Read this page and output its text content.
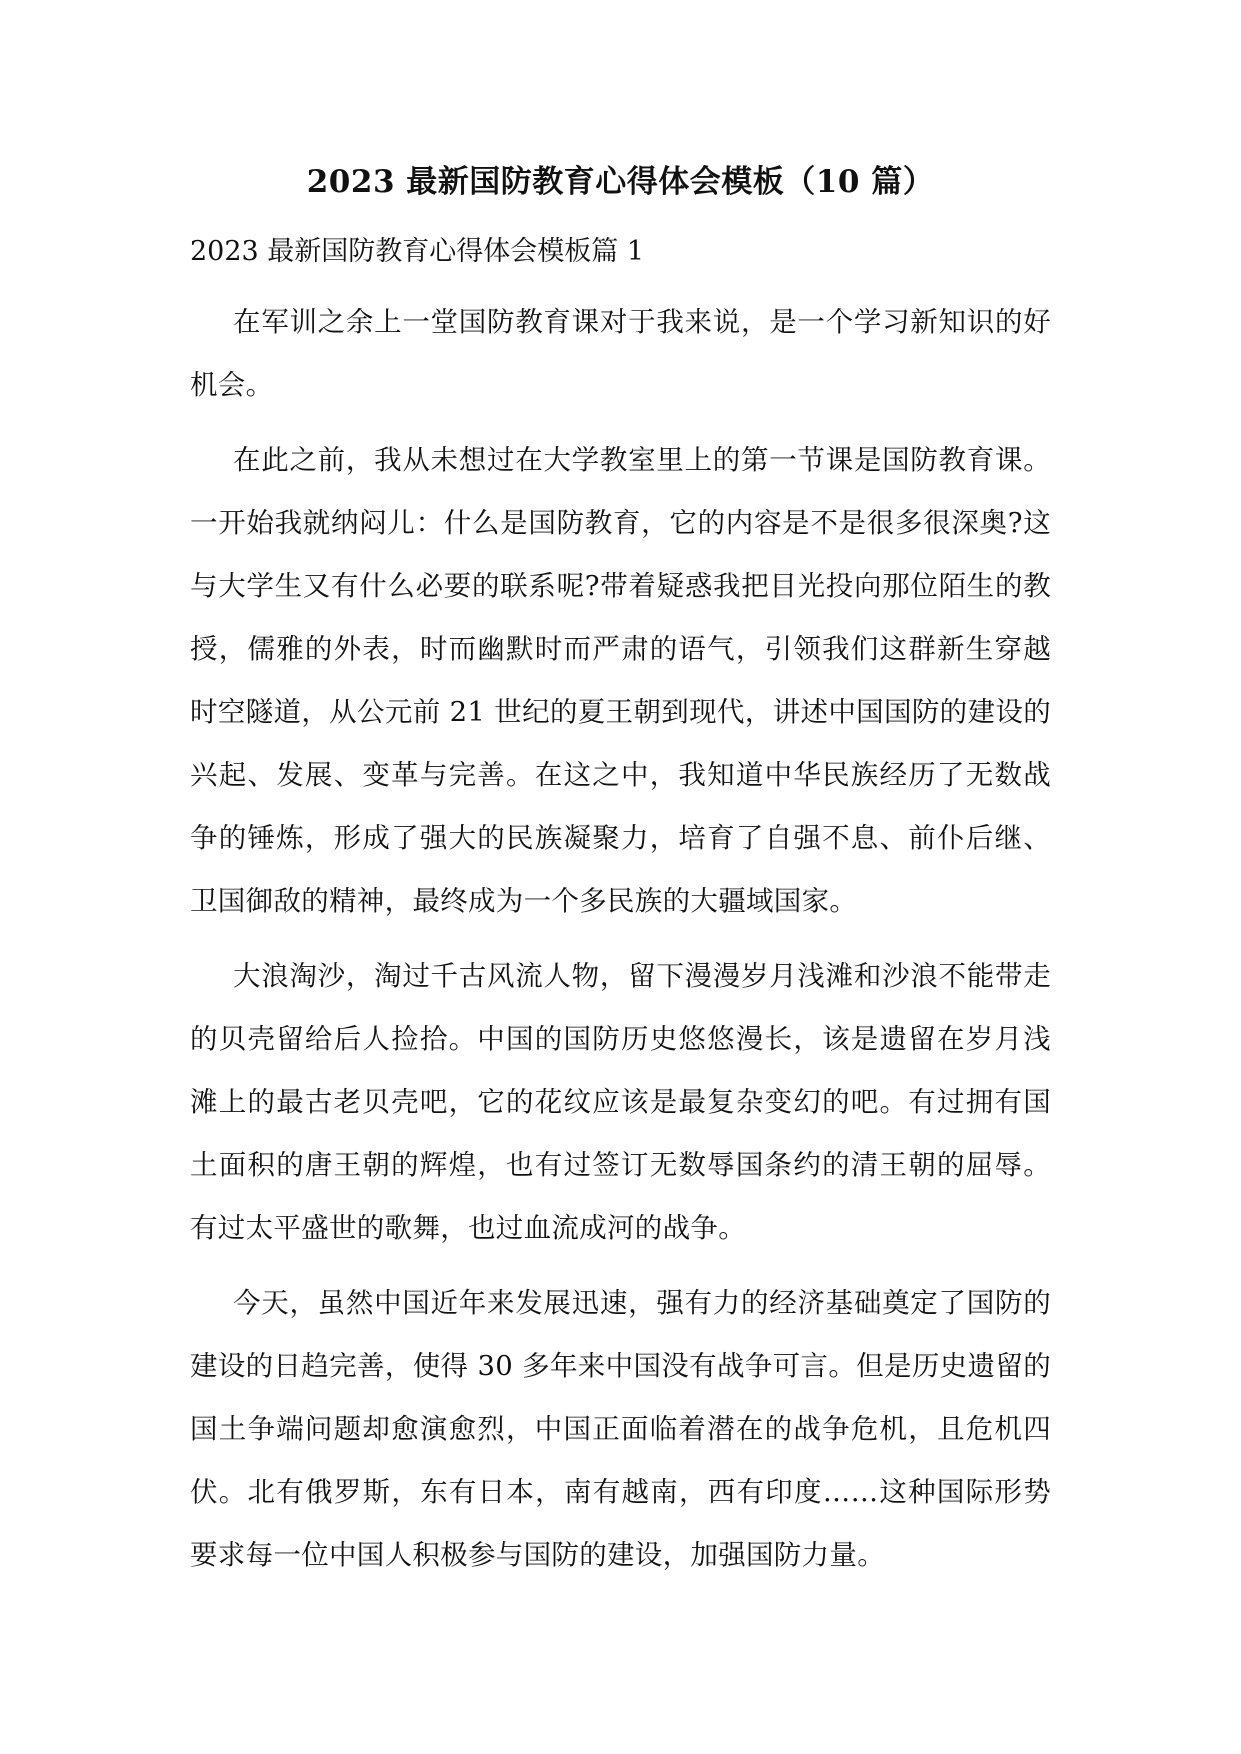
2023 最新国防教育心得体会模板（10 篇）
2023 最新国防教育心得体会模板篇 1

在军训之余上一堂国防教育课对于我来说，是一个学习新知识的好机会。

在此之前，我从未想过在大学教室里上的第一节课是国防教育课。一开始我就纳闷儿：什么是国防教育，它的内容是不是很多很深奥?这与大学生又有什么必要的联系呢?带着疑惑我把目光投向那位陌生的教授，儒雅的外表，时而幽默时而严肃的语气，引领我们这群新生穿越时空隧道，从公元前 21 世纪的夏王朝到现代，讲述中国国防的建设的兴起、发展、变革与完善。在这之中，我知道中华民族经历了无数战争的锤炼，形成了强大的民族凝聚力，培育了自强不息、前仆后继、卫国御敌的精神，最终成为一个多民族的大疆域国家。

大浪淘沙，淘过千古风流人物，留下漫漫岁月浅滩和沙浪不能带走的贝壳留给后人捡拾。中国的国防历史悠悠漫长，该是遗留在岁月浅滩上的最古老贝壳吧，它的花纹应该是最复杂变幻的吧。有过拥有国土面积的唐王朝的辉煌，也有过签订无数辱国条约的清王朝的屈辱。有过太平盛世的歌舞，也过血流成河的战争。

今天，虽然中国近年来发展迅速，强有力的经济基础奠定了国防的建设的日趋完善，使得 30 多年来中国没有战争可言。但是历史遗留的国土争端问题却愈演愈烈，中国正面临着潜在的战争危机，且危机四伏。北有俄罗斯，东有日本，南有越南，西有印度……这种国际形势要求每一位中国人积极参与国防的建设，加强国防力量。
